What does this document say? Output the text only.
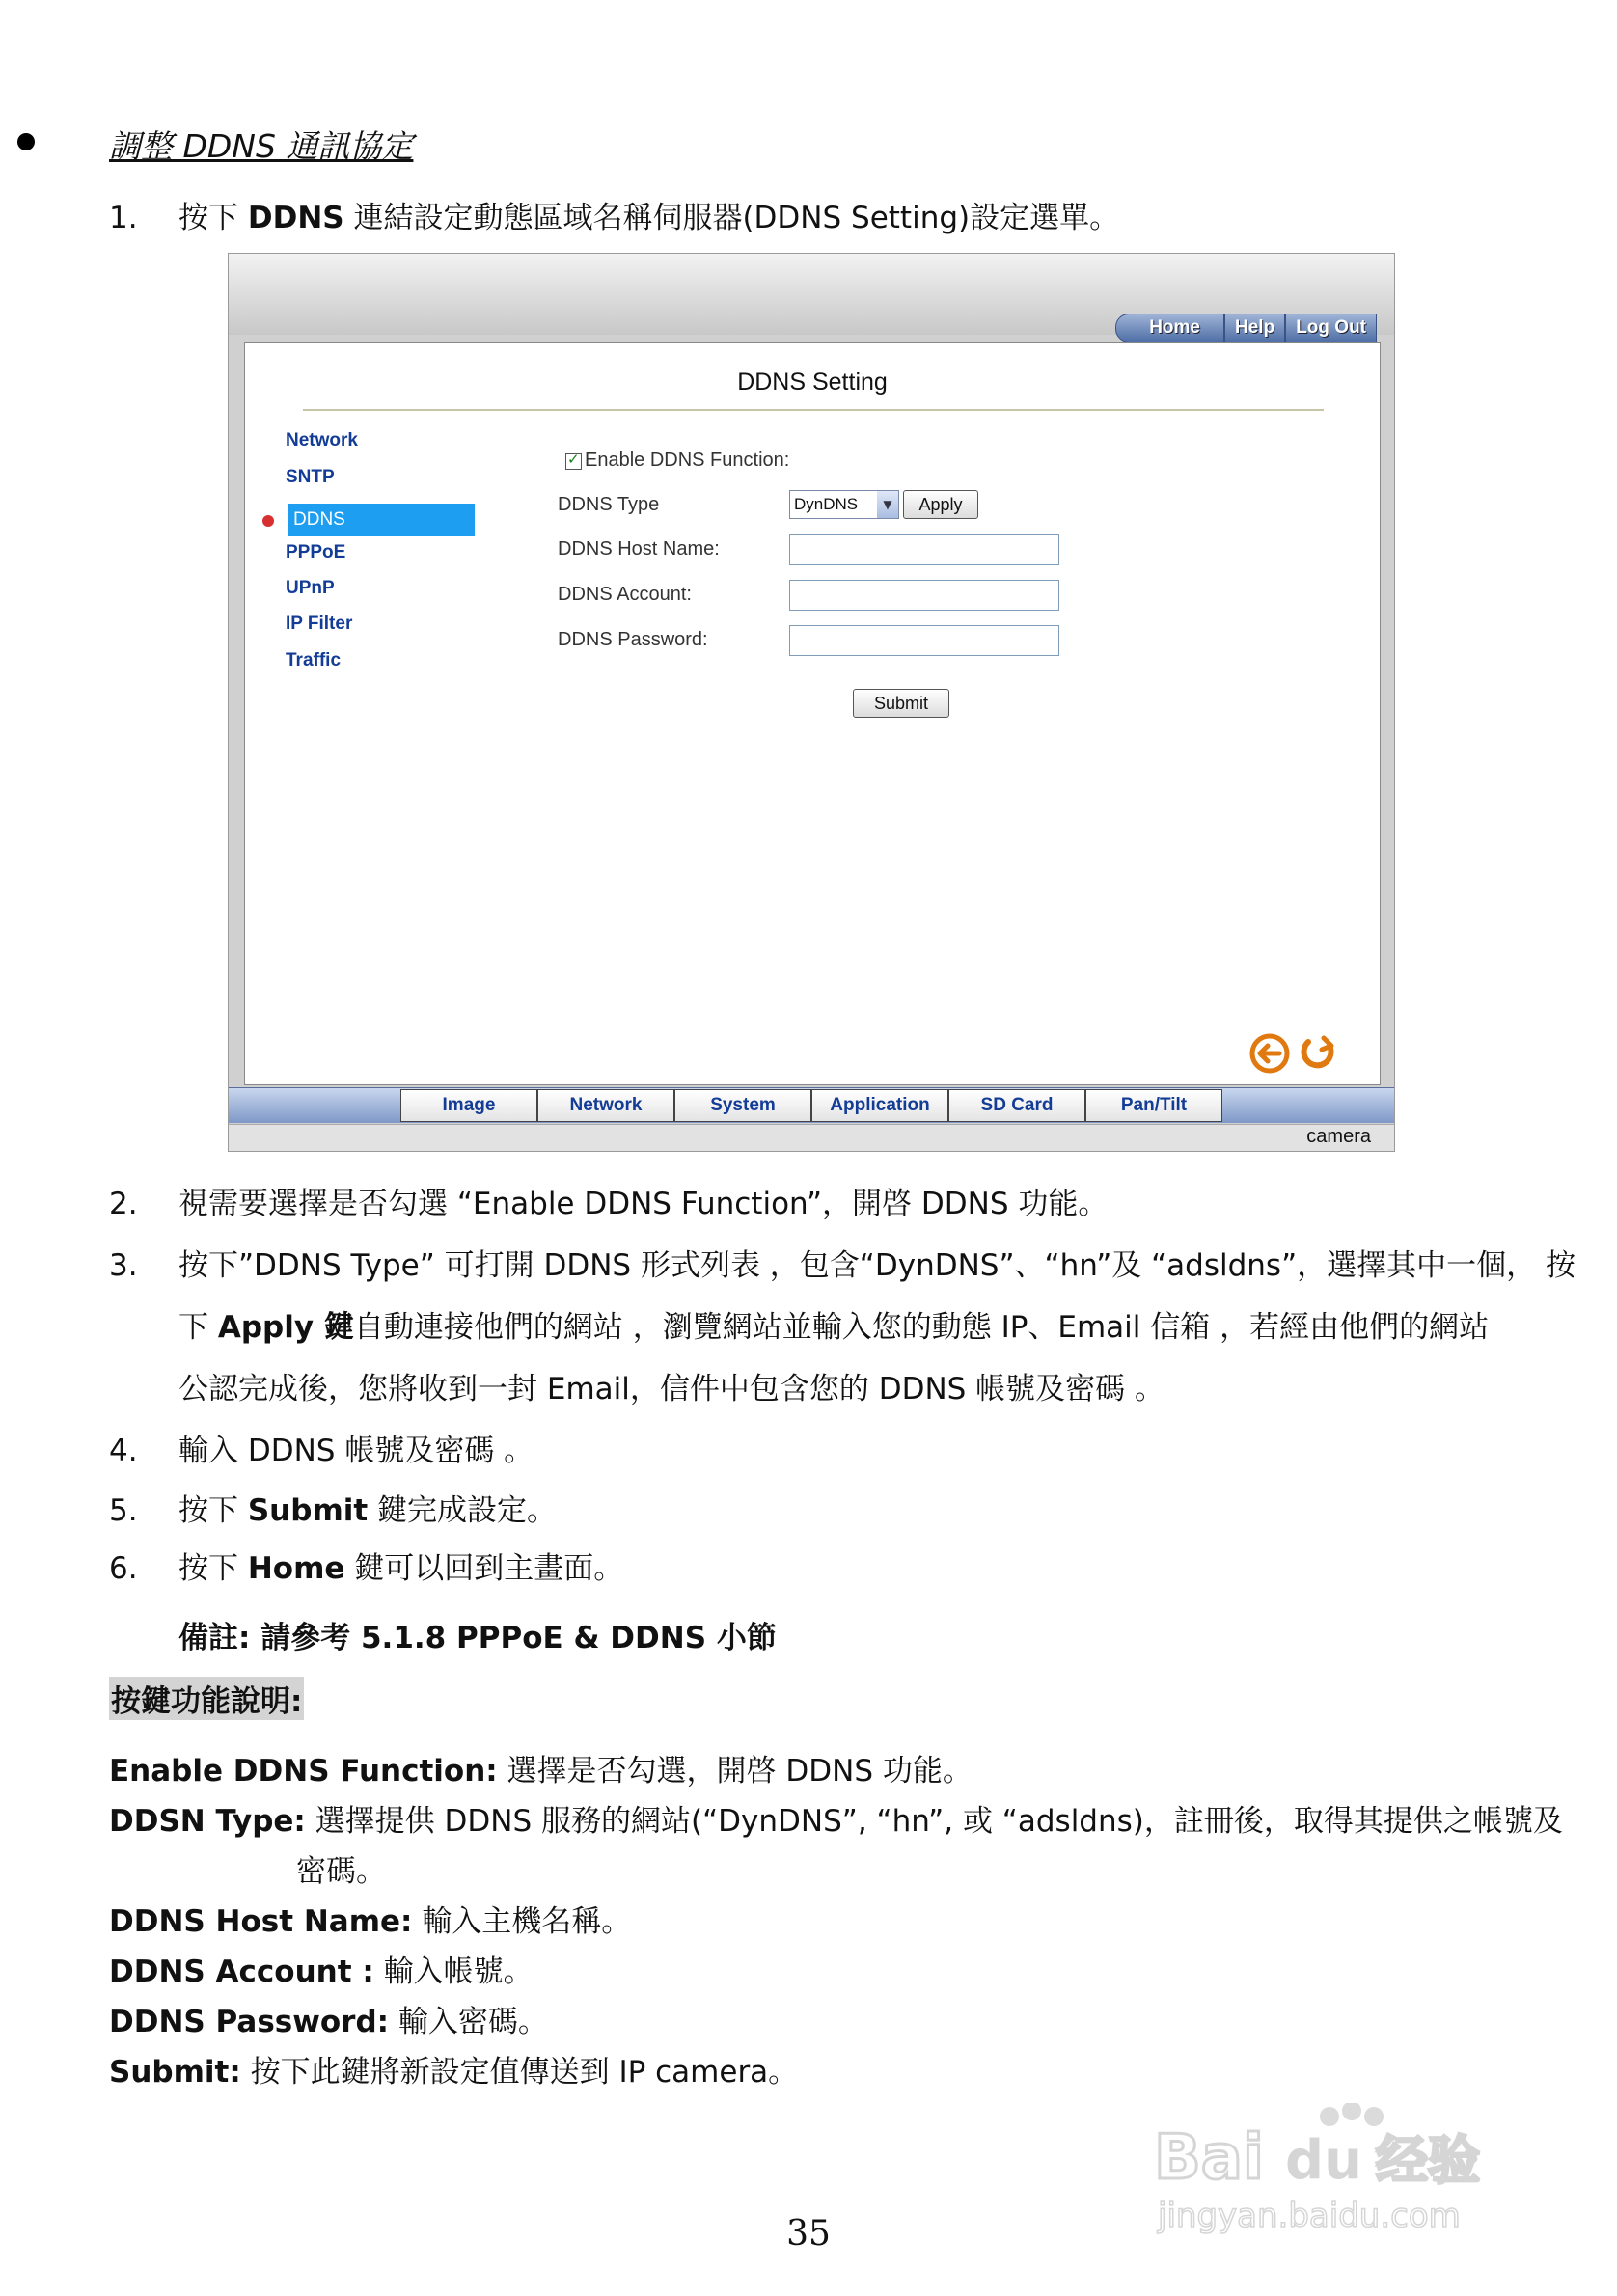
調整 DDNS 通訊協定
1. 按下 DDNS 連結設定動態區域名稱伺服器(DDNS Setting)設定選單。
Home	Help	Log Out
DDNS Setting
Network
SNTP
DDNS
PPPoE
UPnP
IP Filter
Traffic
✓
Enable DDNS Function:
DDNS Type	DynDNS	▼	Apply
DDNS Host Name:
DDNS Account:
DDNS Password:
Submit
Image	Network	System	Application	SD Card	Pan/Tilt
camera
2. 視需要選擇是否勾選 “Enable DDNS Function”，開啓 DDNS 功能。
3. 按下”DDNS Type” 可打開 DDNS 形式列表 ，包含“DynDNS”、“hn”及 “adsldns”，選擇其中一個， 按
下 Apply 鍵自動連接他們的網站 ，瀏覽網站並輸入您的動態 IP、Email 信箱 ，若經由他們的網站
公認完成後，您將收到一封 Email，信件中包含您的 DDNS 帳號及密碼 。
4. 輸入 DDNS 帳號及密碼 。
5. 按下 Submit 鍵完成設定。
6. 按下 Home 鍵可以回到主畫面。
備註: 請參考 5.1.8 PPPoE & DDNS 小節
按鍵功能說明:
Enable DDNS Function: 選擇是否勾選，開啓 DDNS 功能。
DDSN Type: 選擇提供 DDNS 服務的網站(“DynDNS”, “hn”, 或 “adsldns)，註冊後，取得其提供之帳號及
密碼。
DDNS Host Name: 輸入主機名稱。
DDNS Account : 輸入帳號。
DDNS Password: 輸入密碼。
Submit: 按下此鍵將新設定值傳送到 IP camera。
35
Bai du 经验
jingyan.baidu.com
